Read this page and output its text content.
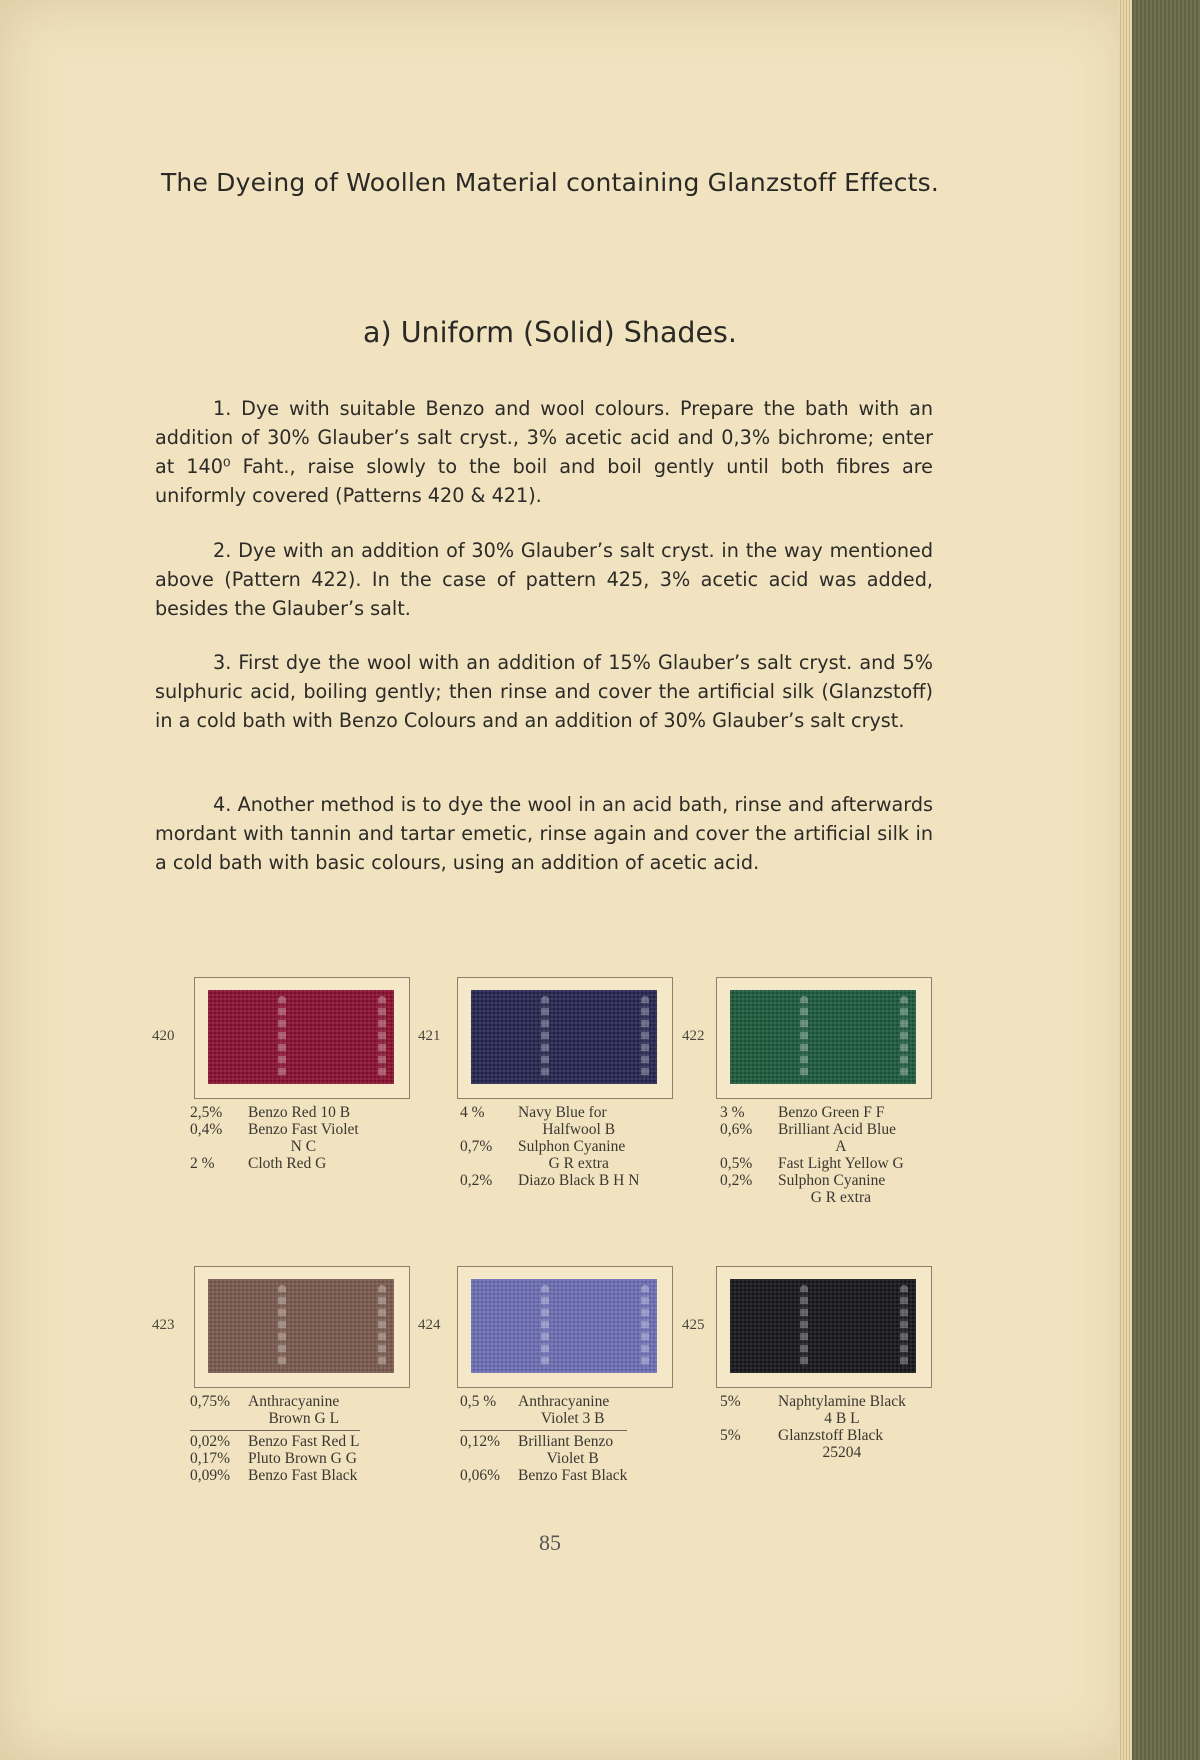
The Dyeing of Woollen Material containing Glanzstoff Effects.
a) Uniform (Solid) Shades.

1. Dye with suitable Benzo and wool colours. Prepare the bath with an addition of 30% Glauber’s salt cryst., 3% acetic acid and 0,3% bichrome; enter at 140⁰ Faht., raise slowly to the boil and boil gently until both fibres are uniformly covered (Patterns 420 & 421).

2. Dye with an addition of 30% Glauber’s salt cryst. in the way mentioned above (Pattern 422). In the case of pattern 425, 3% acetic acid was added, besides the Glauber’s salt.

3. First dye the wool with an addition of 15% Glauber’s salt cryst. and 5% sulphuric acid, boiling gently; then rinse and cover the artificial silk (Glanzstoff) in a cold bath with Benzo Colours and an addition of 30% Glauber’s salt cryst.

4. Another method is to dye the wool in an acid bath, rinse and afterwards mordant with tannin and tartar emetic, rinse again and cover the artificial silk in a cold bath with basic colours, using an addition of acetic acid.

420
2,5%	Benzo Red 10 B
0,4%	Benzo Fast Violet
N C
2 %	Cloth Red G
421
4 %	Navy Blue for
Halfwool B
0,7%	Sulphon Cyanine
G R extra
0,2%	Diazo Black B H N
422
3 %	Benzo Green F F
0,6%	Brilliant Acid Blue
A
0,5%	Fast Light Yellow G
0,2%	Sulphon Cyanine
G R extra
423
0,75%	Anthracyanine
Brown G L
0,02%	Benzo Fast Red L
0,17%	Pluto Brown G G
0,09%	Benzo Fast Black
424
0,5 %	Anthracyanine
Violet 3 B
0,12%	Brilliant Benzo
Violet B
0,06%	Benzo Fast Black
425
5%	Naphtylamine Black
4 B L
5%	Glanzstoff Black
25204
85
